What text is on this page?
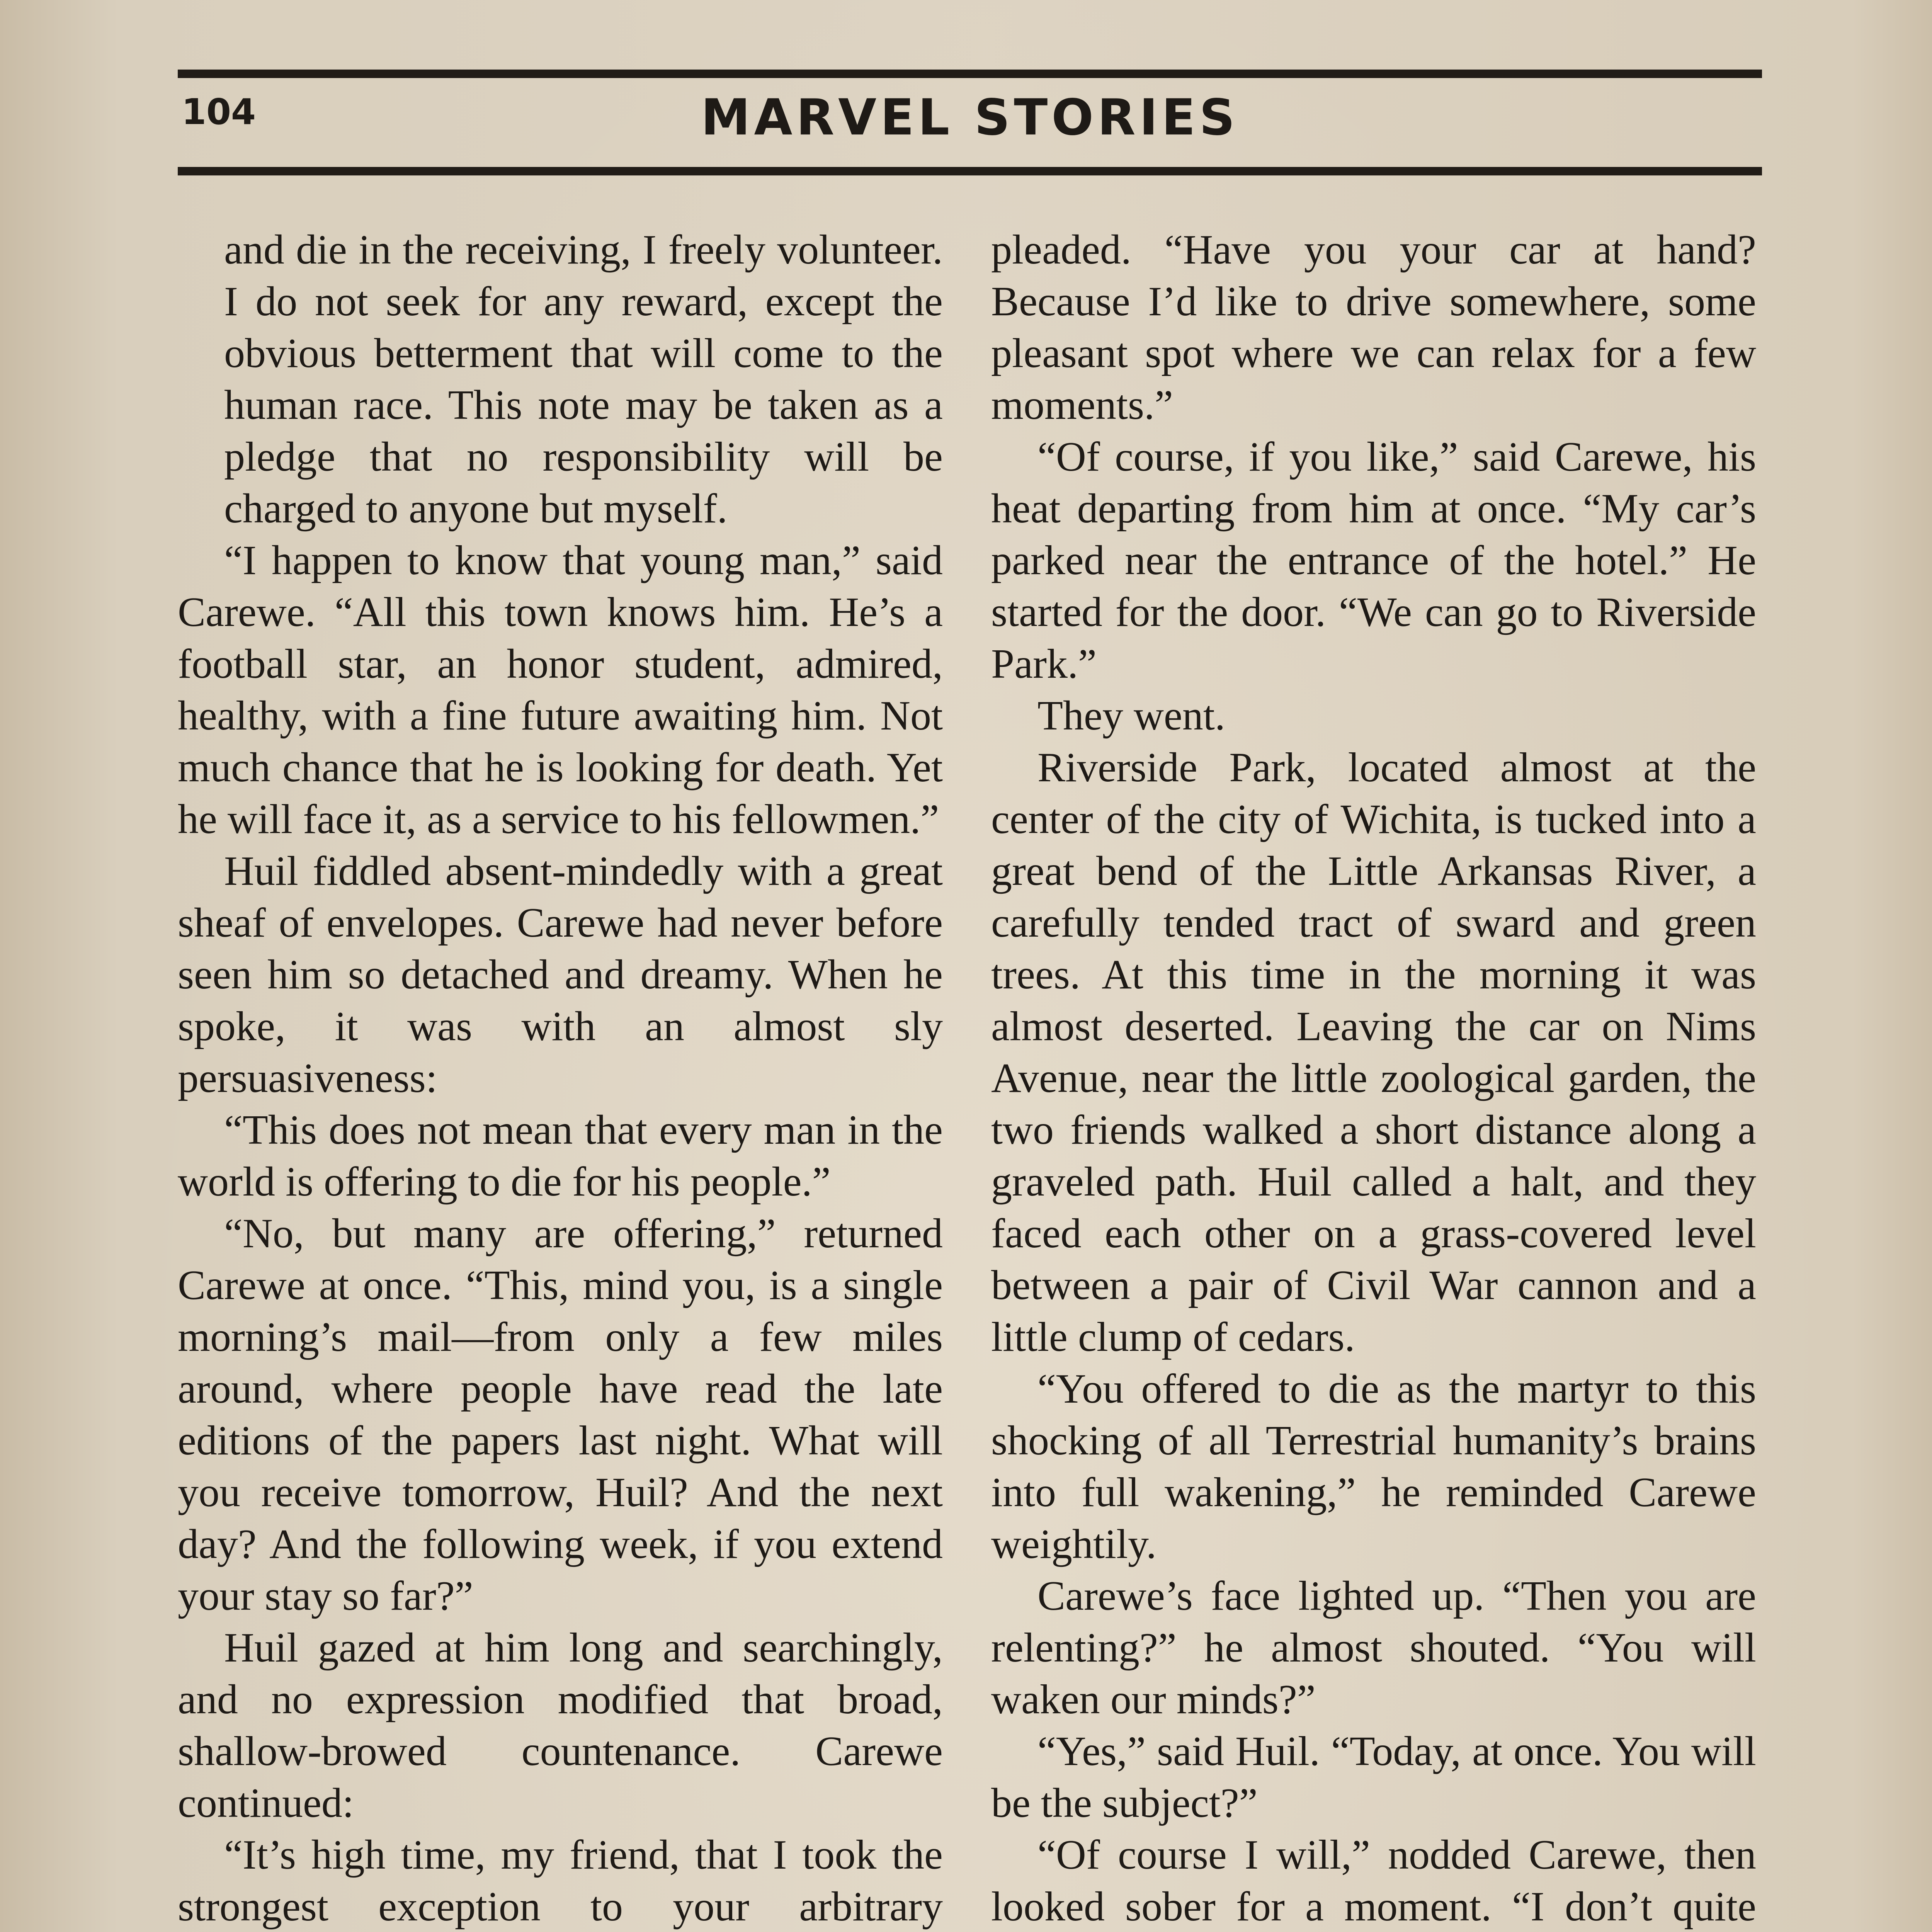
104	MARVEL STORIES

and die in the receiving, I freely volunteer. I do not seek for any reward, except the obvious betterment that will come to the human race. This note may be taken as a pledge that no responsibility will be charged to anyone but myself.

“I happen to know that young man,” said Carewe. “All this town knows him. He’s a football star, an honor student, admired, healthy, with a fine future awaiting him. Not much chance that he is looking for death. Yet he will face it, as a service to his fellowmen.”

Huil fiddled absent-mindedly with a great sheaf of envelopes. Carewe had never before seen him so detached and dreamy. When he spoke, it was with an almost sly persuasiveness:

“This does not mean that every man in the world is offering to die for his people.”

“No, but many are offering,” returned Carewe at once. “This, mind you, is a single morning’s mail—from only a few miles around, where people have read the late editions of the papers last night. What will you receive tomorrow, Huil? And the next day? And the following week, if you extend your stay so far?”

Huil gazed at him long and searchingly, and no expression modified that broad, shallow-browed countenance. Carewe continued:

“It’s high time, my friend, that I took the strongest exception to your arbitrary

pleaded. “Have you your car at hand? Because I’d like to drive somewhere, some pleasant spot where we can relax for a few moments.”

“Of course, if you like,” said Carewe, his heat departing from him at once. “My car’s parked near the entrance of the hotel.” He started for the door. “We can go to Riverside Park.”

They went.

Riverside Park, located almost at the center of the city of Wichita, is tucked into a great bend of the Little Arkansas River, a carefully tended tract of sward and green trees. At this time in the morning it was almost deserted. Leaving the car on Nims Avenue, near the little zoological garden, the two friends walked a short distance along a graveled path. Huil called a halt, and they faced each other on a grass-covered level between a pair of Civil War cannon and a little clump of cedars.

“You offered to die as the martyr to this shocking of all Terrestrial humanity’s brains into full wakening,” he reminded Carewe weightily.

Carewe’s face lighted up. “Then you are relenting?” he almost shouted. “You will waken our minds?”

“Yes,” said Huil. “Today, at once. You will be the subject?”

“Of course I will,” nodded Carewe, then looked sober for a moment. “I don’t quite
